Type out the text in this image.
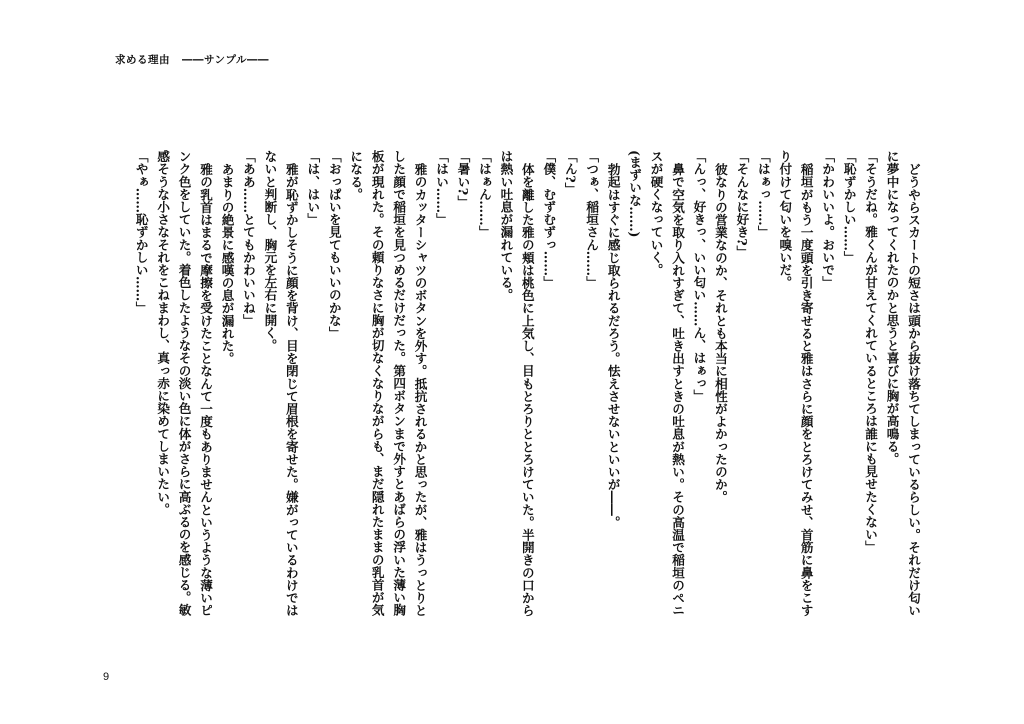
求める理由 ――サンプル――

どうやらスカートの短さは頭から抜け落ちてしまっているらしい。それだけ匂いに夢中になってくれたのかと思うと喜びに胸が高鳴る。

「そうだね。雅くんが甘えてくれているところは誰にも見せたくない」

「恥ずかしい……」

「かわいいよ。おいで」

稲垣がもう一度頭を引き寄せると雅はさらに顔をとろけてみせ、首筋に鼻をこすり付けて匂いを嗅いだ。

「はぁっ……」

「そんなに好き?」

彼なりの営業なのか、それとも本当に相性がよかったのか。

「んっ、好きっ、いい匂い……ん、はぁっ」

鼻で空気を取り入れすぎて、吐き出すときの吐息が熱い。その高温で稲垣のペニスが硬くなっていく。

(まずいな……)

勃起はすぐに感じ取られるだろう。怯えさせないといいが――。

「つぁ、稲垣さん……」

「ん?」

「僕、むずむずっ……」

体を離した雅の頬は桃色に上気し、目もとろりととろけていた。半開きの口からは熱い吐息が漏れている。

「はぁん……」

「暑い?」

「はい……」

雅のカッターシャツのボタンを外す。抵抗されるかと思ったが、雅はうっとりとした顔で稲垣を見つめるだけだった。第四ボタンまで外すとあばらの浮いた薄い胸板が現れた。その頼りなさに胸が切なくなりながらも、まだ隠れたままの乳首が気になる。

「おっぱいを見てもいいのかな」

「は、はい」

雅が恥ずかしそうに顔を背け、目を閉じて眉根を寄せた。嫌がっているわけではないと判断し、胸元を左右に開く。

「ああ……とてもかわいいね」

あまりの絶景に感嘆の息が漏れた。

雅の乳首はまるで摩擦を受けたことなんて一度もありませんというような薄いピンク色をしていた。着色したようなその淡い色に体がさらに高ぶるのを感じる。敏感そうな小さなそれをこねまわし、真っ赤に染めてしまいたい。

「やぁ……恥ずかしい……」

9
